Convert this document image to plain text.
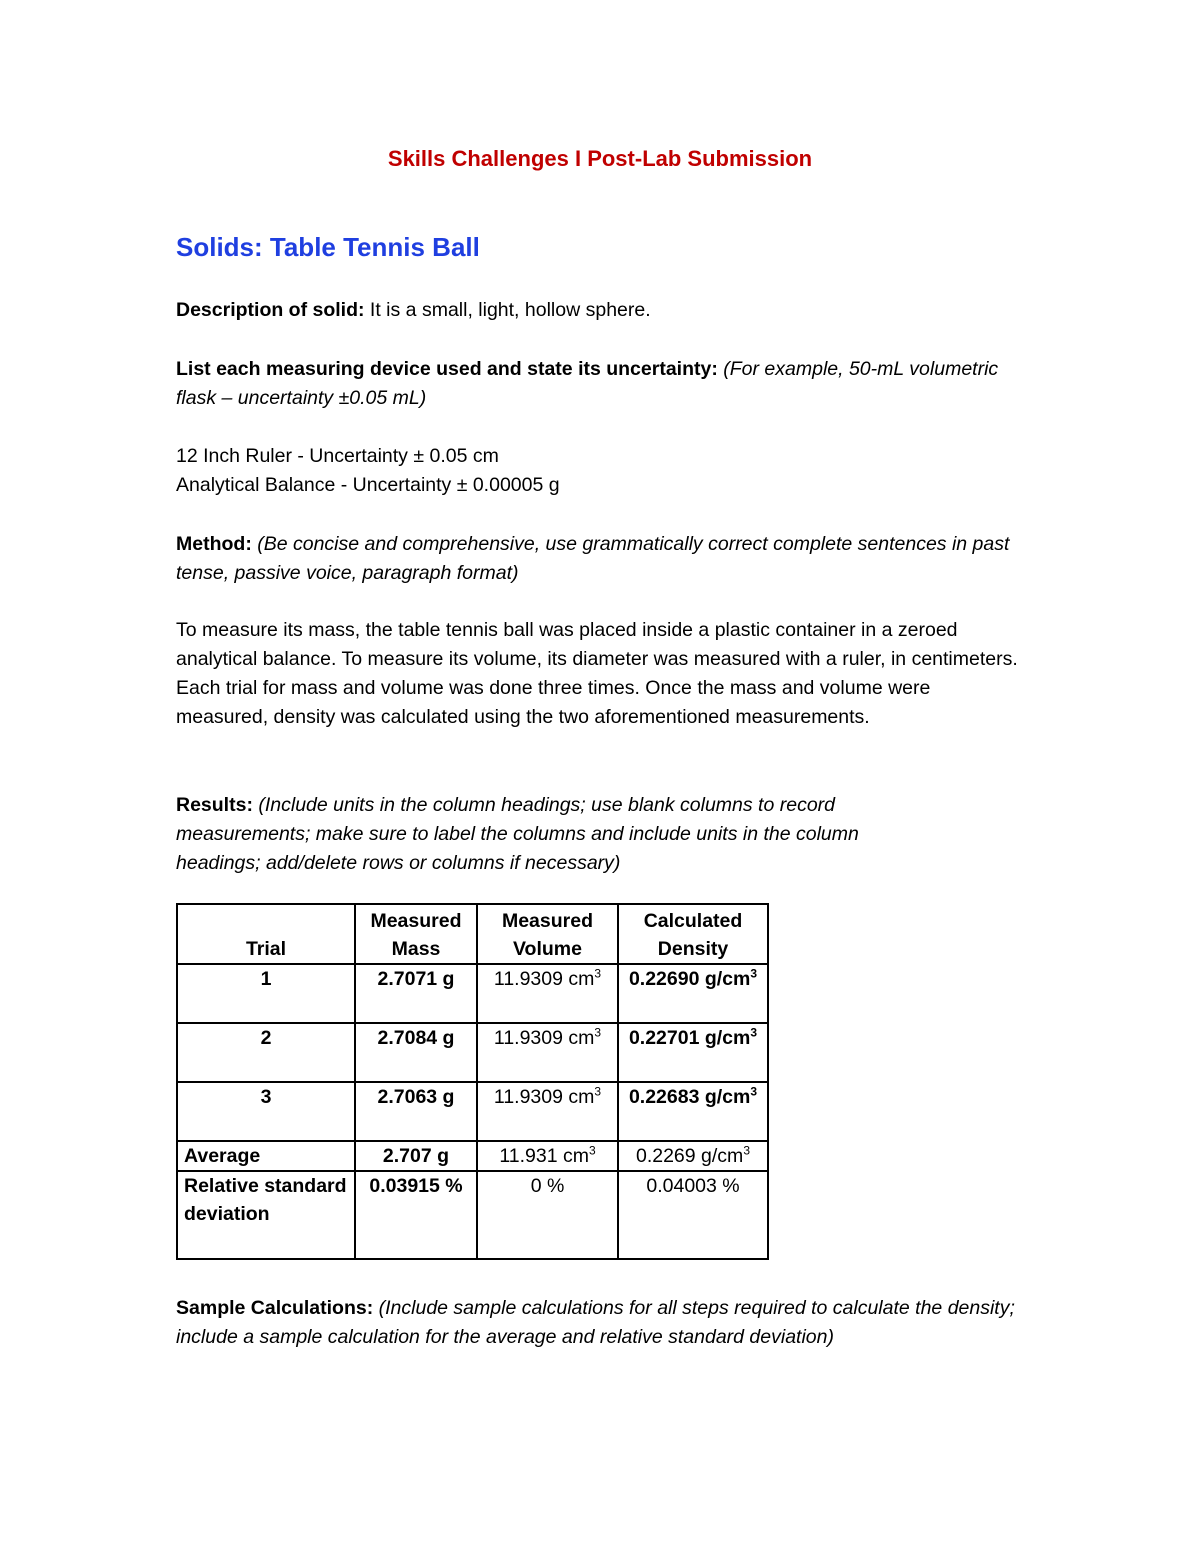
Skills Challenges I Post-Lab Submission
Solids: Table Tennis Ball

Description of solid: It is a small, light, hollow sphere.

List each measuring device used and state its uncertainty: (For example, 50-mL volumetric flask – uncertainty ±0.05 mL)

12 Inch Ruler - Uncertainty ± 0.05 cm

Analytical Balance - Uncertainty ± 0.00005 g

Method: (Be concise and comprehensive, use grammatically correct complete sentences in past tense, passive voice, paragraph format)

To measure its mass, the table tennis ball was placed inside a plastic container in a zeroed analytical balance. To measure its volume, its diameter was measured with a ruler, in centimeters. Each trial for mass and volume was done three times. Once the mass and volume were measured, density was calculated using the two aforementioned measurements.

Results: (Include units in the column headings; use blank columns to record measurements; make sure to label the columns and include units in the column headings; add/delete rows or columns if necessary)

Trial	Measured Mass	Measured Volume	Calculated Density
1	2.7071 g	11.9309 $cm^3$	0.22690 $g/cm^3$
2	2.7084 g	11.9309 $cm^3$	0.22701 $g/cm^3$
3	2.7063 g	11.9309 $cm^3$	0.22683 $g/cm^3$
Average	2.707 g	11.931 $cm^3$	0.2269 $g/cm^3$
Relative standard deviation	0.03915 %	0 %	0.04003 %

Sample Calculations: (Include sample calculations for all steps required to calculate the density; include a sample calculation for the average and relative standard deviation)
